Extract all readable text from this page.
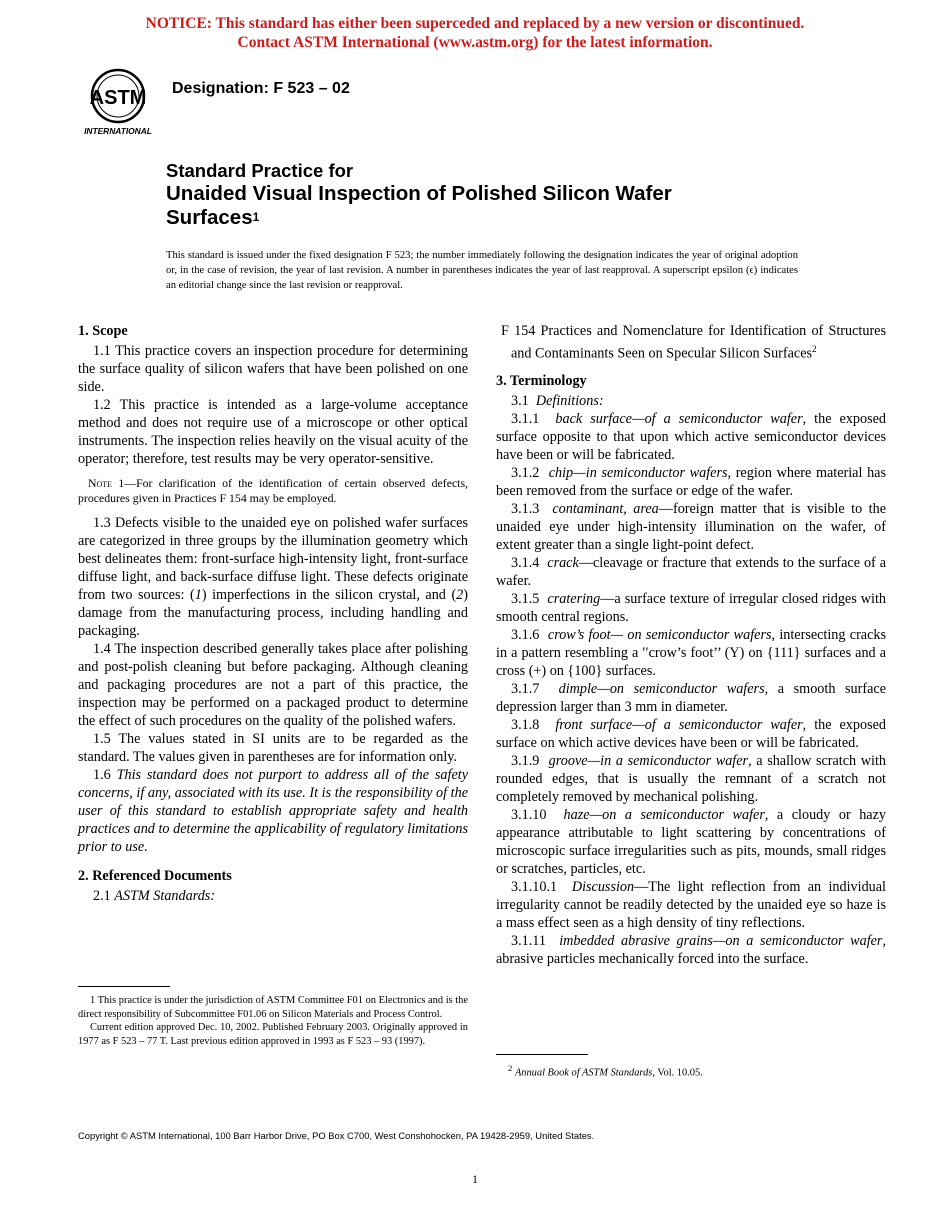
NOTICE: This standard has either been superceded and replaced by a new version or discontinued.
Contact ASTM International (www.astm.org) for the latest information.
ASTM
INTERNATIONAL
Designation: F 523 – 02
Standard Practice for
Unaided Visual Inspection of Polished Silicon Wafer
Surfaces$^1$
This standard is issued under the fixed designation F 523; the number immediately following the designation indicates the year of original adoption or, in the case of revision, the year of last revision. A number in parentheses indicates the year of last reapproval. A superscript epsilon (ϵ) indicates an editorial change since the last revision or reapproval.
1. Scope

1.1 This practice covers an inspection procedure for determining the surface quality of silicon wafers that have been polished on one side.

1.2 This practice is intended as a large-volume acceptance method and does not require use of a microscope or other optical instruments. The inspection relies heavily on the visual acuity of the operator; therefore, test results may be very operator-sensitive.

Note 1—For clarification of the identification of certain observed defects, procedures given in Practices F 154 may be employed.

1.3 Defects visible to the unaided eye on polished wafer surfaces are categorized in three groups by the illumination geometry which best delineates them: front-surface high-intensity light, front-surface diffuse light, and back-surface diffuse light. These defects originate from two sources: (1) imperfections in the silicon crystal, and (2) damage from the manufacturing process, including handling and packaging.

1.4 The inspection described generally takes place after polishing and post-polish cleaning but before packaging. Although cleaning and packaging procedures are not a part of this practice, the inspection may be performed on a packaged product to determine the effect of such procedures on the quality of the polished wafers.

1.5 The values stated in SI units are to be regarded as the standard. The values given in parentheses are for information only.

1.6 This standard does not purport to address all of the safety concerns, if any, associated with its use. It is the responsibility of the user of this standard to establish appropriate safety and health practices and to determine the applicability of regulatory limitations prior to use.

2. Referenced Documents

2.1 ASTM Standards:

1 This practice is under the jurisdiction of ASTM Committee F01 on Electronics and is the direct responsibility of Subcommittee F01.06 on Silicon Materials and Process Control.

Current edition approved Dec. 10, 2002. Published February 2003. Originally approved in 1977 as F 523 – 77 T. Last previous edition approved in 1993 as F 523 – 93 (1997).

F 154 Practices and Nomenclature for Identification of Structures and Contaminants Seen on Specular Silicon Surfaces$^2$

3. Terminology

3.1 Definitions:

3.1.1 back surface—of a semiconductor wafer, the exposed surface opposite to that upon which active semiconductor devices have been or will be fabricated.

3.1.2 chip—in semiconductor wafers, region where material has been removed from the surface or edge of the wafer.

3.1.3 contaminant, area—foreign matter that is visible to the unaided eye under high-intensity illumination on the wafer, of extent greater than a single light-point defect.

3.1.4 crack—cleavage or fracture that extends to the surface of a wafer.

3.1.5 cratering—a surface texture of irregular closed ridges with smooth central regions.

3.1.6 crow’s foot— on semiconductor wafers, intersecting cracks in a pattern resembling a ′′crow’s foot’’ (Y) on {111} surfaces and a cross (+) on {100} surfaces.

3.1.7 dimple—on semiconductor wafers, a smooth surface depression larger than 3 mm in diameter.

3.1.8 front surface—of a semiconductor wafer, the exposed surface on which active devices have been or will be fabricated.

3.1.9 groove—in a semiconductor wafer, a shallow scratch with rounded edges, that is usually the remnant of a scratch not completely removed by mechanical polishing.

3.1.10 haze—on a semiconductor wafer, a cloudy or hazy appearance attributable to light scattering by concentrations of microscopic surface irregularities such as pits, mounds, small ridges or scratches, particles, etc.

3.1.10.1 Discussion—The light reflection from an individual irregularity cannot be readily detected by the unaided eye so haze is a mass effect seen as a high density of tiny reflections.

3.1.11 imbedded abrasive grains—on a semiconductor wafer, abrasive particles mechanically forced into the surface.

$^2$ Annual Book of ASTM Standards, Vol. 10.05.

Copyright © ASTM International, 100 Barr Harbor Drive, PO Box C700, West Conshohocken, PA 19428-2959, United States.
1
